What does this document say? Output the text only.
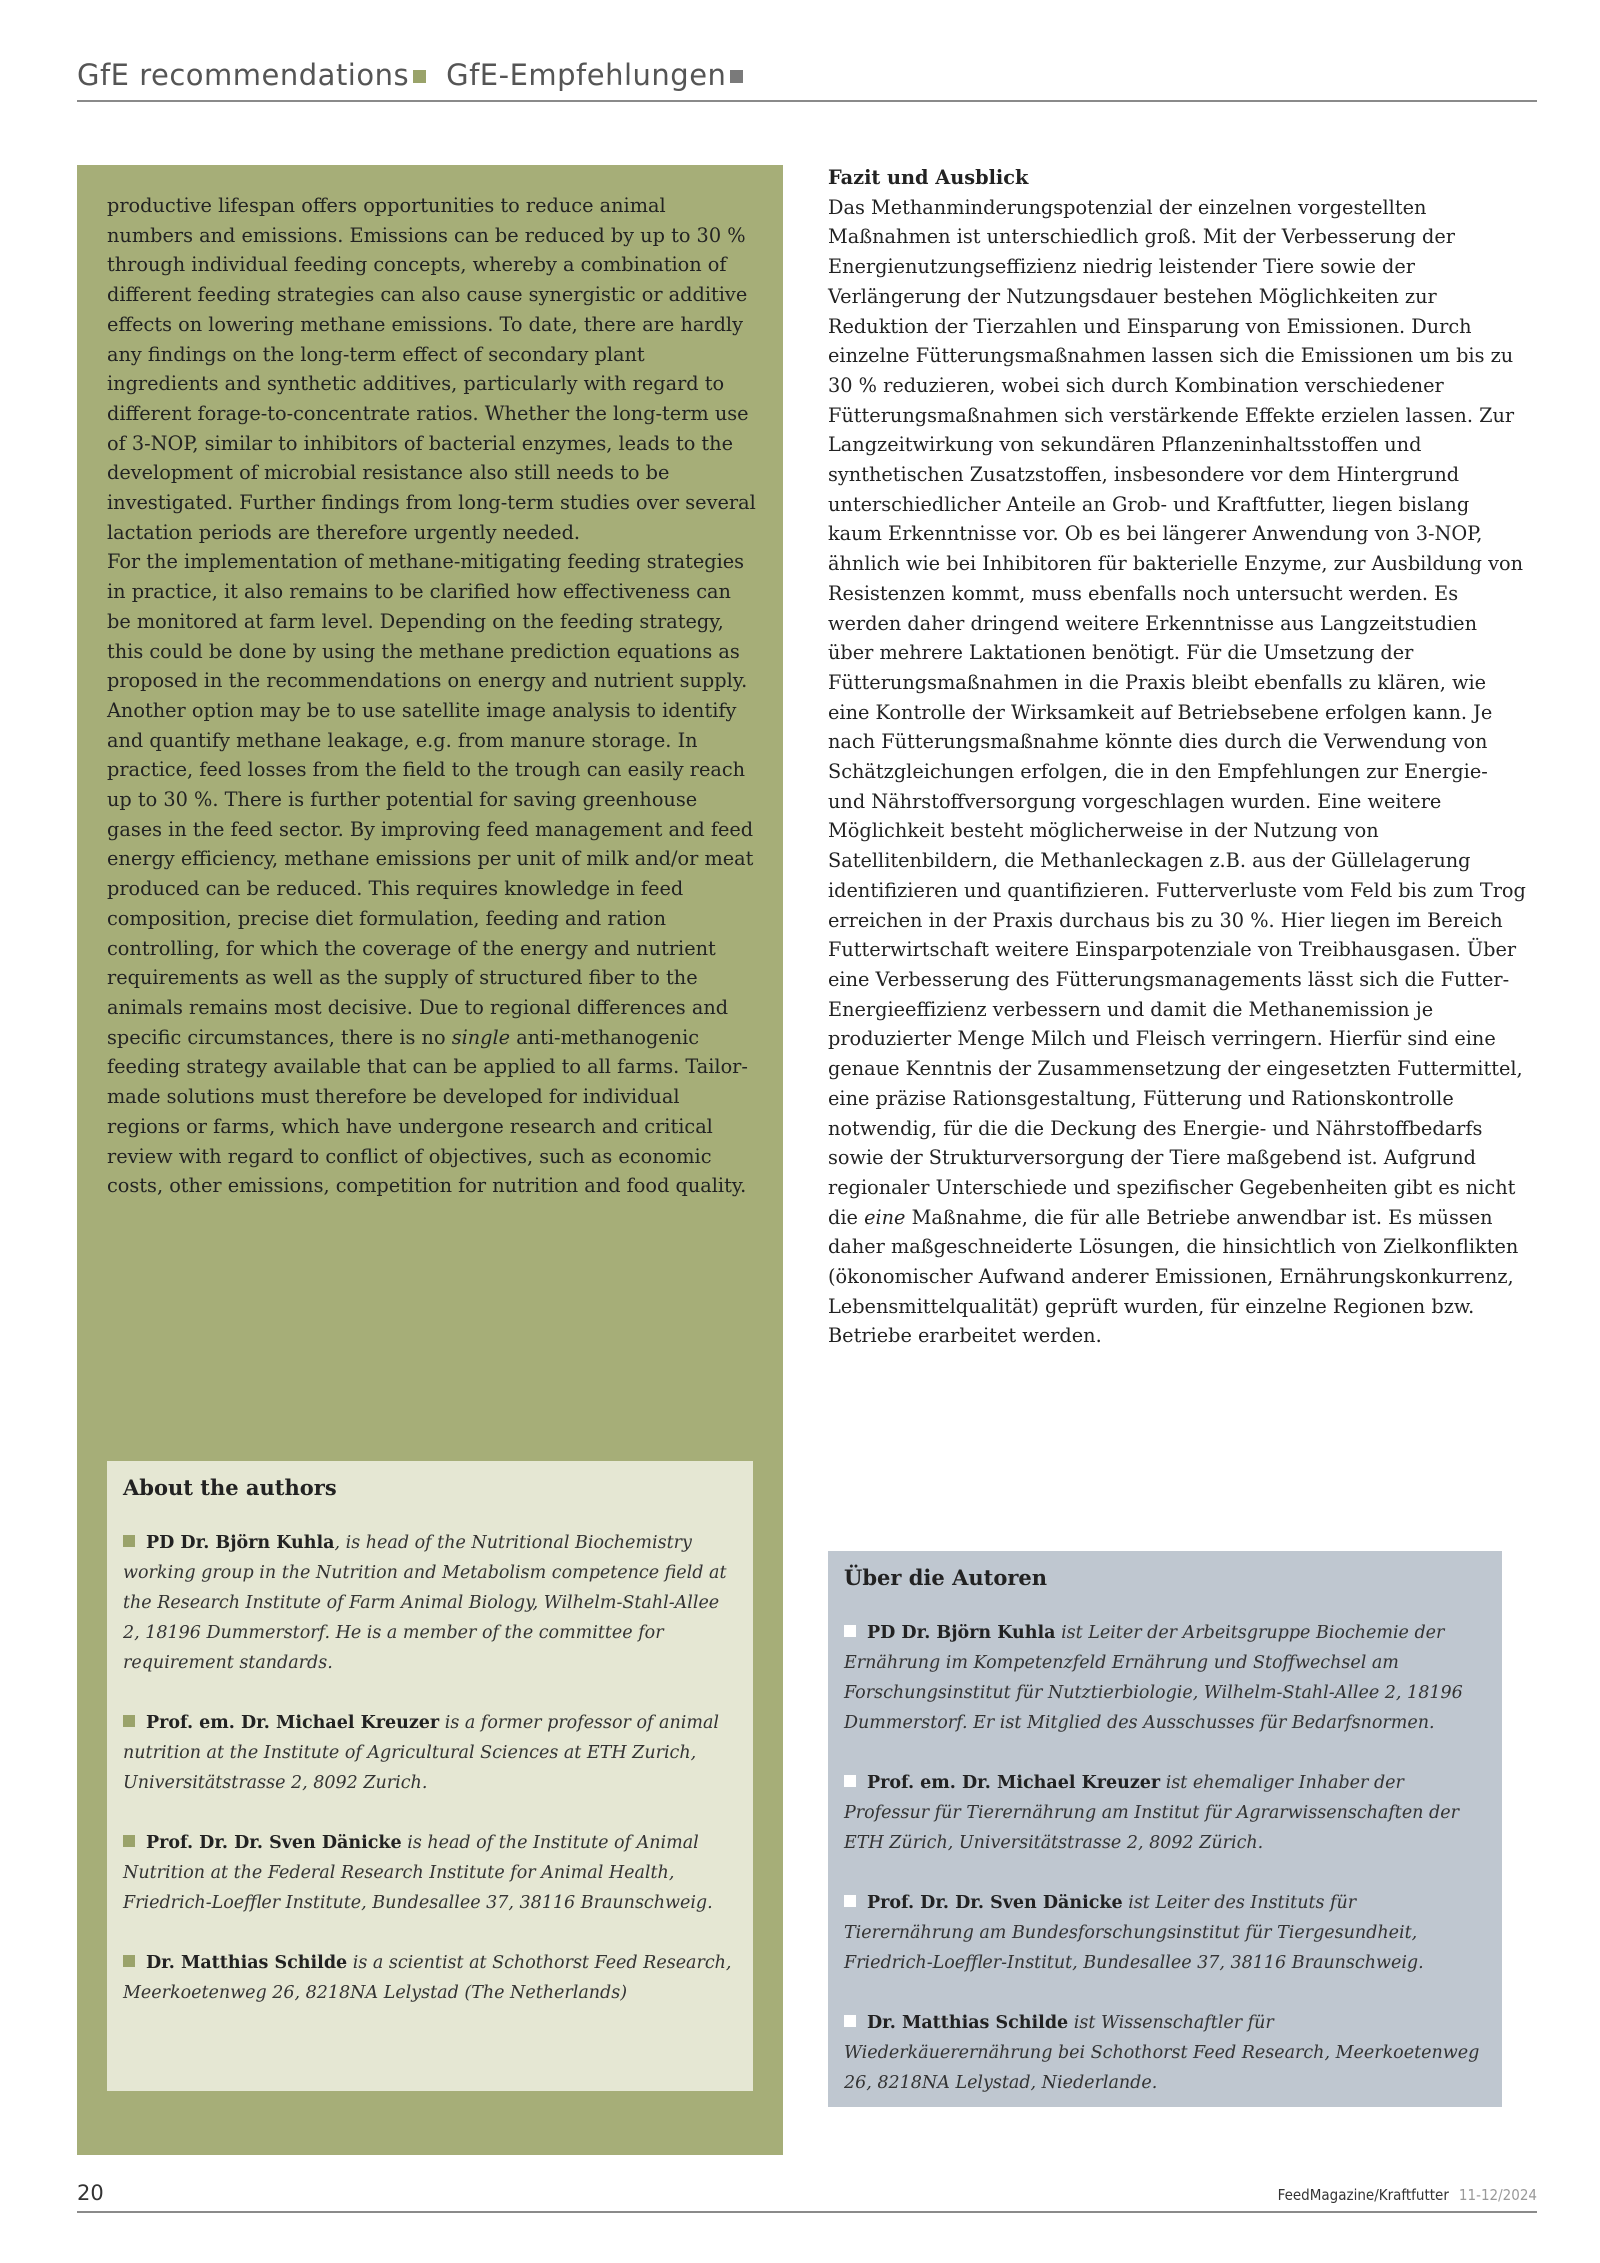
GfE recommendations GfE-Empfehlungen

productive lifespan offers opportunities to reduce animal numbers and emissions. Emissions can be reduced by up to 30 % through individual feeding concepts, whereby a combination of different feeding strategies can also cause synergistic or additive effects on lowering methane emissions. To date, there are hardly any findings on the long-term effect of secondary plant ingredients and synthetic additives, particularly with regard to different forage-to-concentrate ratios. Whether the long-term use of 3-NOP, similar to inhibitors of bacterial enzymes, leads to the development of microbial resistance also still needs to be investigated. Further findings from long-term studies over several lactation periods are therefore urgently needed.

For the implementation of methane-mitigating feeding strategies in practice, it also remains to be clarified how effectiveness can be monitored at farm level. Depending on the feeding strategy, this could be done by using the methane prediction equations as proposed in the recommendations on energy and nutrient supply. Another option may be to use satellite image analysis to identify and quantify methane leakage, e.g. from manure storage. In practice, feed losses from the field to the trough can easily reach up to 30 %. There is further potential for saving greenhouse gases in the feed sector. By improving feed management and feed energy efficiency, methane emissions per unit of milk and/or meat produced can be reduced. This requires knowledge in feed composition, precise diet formulation, feeding and ration controlling, for which the coverage of the energy and nutrient requirements as well as the supply of structured fiber to the animals remains most decisive. Due to regional differences and specific circumstances, there is no single anti-methanogenic feeding strategy available that can be applied to all farms. Tailor-made solutions must therefore be developed for individual regions or farms, which have undergone research and critical review with regard to conflict of objectives, such as economic costs, other emissions, competition for nutrition and food quality.

Fazit und Ausblick

Das Methanminderungspotenzial der einzelnen vorgestellten Maßnahmen ist unterschiedlich groß. Mit der Verbesserung der Energienutzungseffizienz niedrig leistender Tiere sowie der Verlängerung der Nutzungsdauer bestehen Möglichkeiten zur Reduktion der Tierzahlen und Einsparung von Emissionen. Durch einzelne Fütterungsmaßnahmen lassen sich die Emissionen um bis zu 30 % reduzieren, wobei sich durch Kombination verschiedener Fütterungsmaßnahmen sich verstärkende Effekte erzielen lassen. Zur Langzeitwirkung von sekundären Pflanzeninhaltsstoffen und synthetischen Zusatzstoffen, insbesondere vor dem Hintergrund unterschiedlicher Anteile an Grob- und Kraftfutter, liegen bislang kaum Erkenntnisse vor. Ob es bei längerer Anwendung von 3-NOP, ähnlich wie bei Inhibitoren für bakterielle Enzyme, zur Ausbildung von Resistenzen kommt, muss ebenfalls noch untersucht werden. Es werden daher dringend weitere Erkenntnisse aus Langzeitstudien über mehrere Laktationen benötigt. Für die Umsetzung der Fütterungsmaßnahmen in die Praxis bleibt ebenfalls zu klären, wie eine Kontrolle der Wirksamkeit auf Betriebsebene erfolgen kann. Je nach Fütterungsmaßnahme könnte dies durch die Verwendung von Schätzgleichungen erfolgen, die in den Empfehlungen zur Energie- und Nährstoffversorgung vorgeschlagen wurden. Eine weitere Möglichkeit besteht möglicherweise in der Nutzung von Satellitenbildern, die Methanleckagen z.B. aus der Güllelagerung identifizieren und quantifizieren. Futterverluste vom Feld bis zum Trog erreichen in der Praxis durchaus bis zu 30 %. Hier liegen im Bereich Futterwirtschaft weitere Einsparpotenziale von Treibhausgasen. Über eine Verbesserung des Fütterungsmanagements lässt sich die Futter-Energieeffizienz verbessern und damit die Methanemission je produzierter Menge Milch und Fleisch verringern. Hierfür sind eine genaue Kenntnis der Zusammensetzung der eingesetzten Futtermittel, eine präzise Rationsgestaltung, Fütterung und Rationskontrolle notwendig, für die die Deckung des Energie- und Nährstoffbedarfs sowie der Strukturversorgung der Tiere maßgebend ist. Aufgrund regionaler Unterschiede und spezifischer Gegebenheiten gibt es nicht die eine Maßnahme, die für alle Betriebe anwendbar ist. Es müssen daher maßgeschneiderte Lösungen, die hinsichtlich von Zielkonflikten (ökonomischer Aufwand anderer Emissionen, Ernährungskonkurrenz, Lebensmittelqualität) geprüft wurden, für einzelne Regionen bzw. Betriebe erarbeitet werden.

About the authors
PD Dr. Björn Kuhla, is head of the Nutritional Biochemistry working group in the Nutrition and Metabolism competence field at the Research Institute of Farm Animal Biology, Wilhelm-Stahl-Allee 2, 18196 Dummerstorf. He is a member of the committee for requirement standards.
Prof. em. Dr. Michael Kreuzer is a former professor of animal nutrition at the Institute of Agricultural Sciences at ETH Zurich, Universitätstrasse 2, 8092 Zurich.
Prof. Dr. Dr. Sven Dänicke is head of the Institute of Animal Nutrition at the Federal Research Institute for Animal Health, Friedrich-Loeffler Institute, Bundesallee 37, 38116 Braunschweig.
Dr. Matthias Schilde is a scientist at Schothorst Feed Research, Meerkoetenweg 26, 8218NA Lelystad (The Netherlands)
Über die Autoren
PD Dr. Björn Kuhla ist Leiter der Arbeitsgruppe Biochemie der Ernährung im Kompetenzfeld Ernährung und Stoffwechsel am Forschungsinstitut für Nutztierbiologie, Wilhelm-Stahl-Allee 2, 18196 Dummerstorf. Er ist Mitglied des Ausschusses für Bedarfsnormen.
Prof. em. Dr. Michael Kreuzer ist ehemaliger Inhaber der Professur für Tierernährung am Institut für Agrarwissenschaften der ETH Zürich, Universitätstrasse 2, 8092 Zürich.
Prof. Dr. Dr. Sven Dänicke ist Leiter des Instituts für Tierernährung am Bundesforschungsinstitut für Tiergesundheit, Friedrich-Loeffler-Institut, Bundesallee 37, 38116 Braunschweig.
Dr. Matthias Schilde ist Wissenschaftler für Wiederkäuerernährung bei Schothorst Feed Research, Meerkoetenweg 26, 8218NA Lelystad, Niederlande.
20	FeedMagazine/Kraftfutter 11-12/2024
